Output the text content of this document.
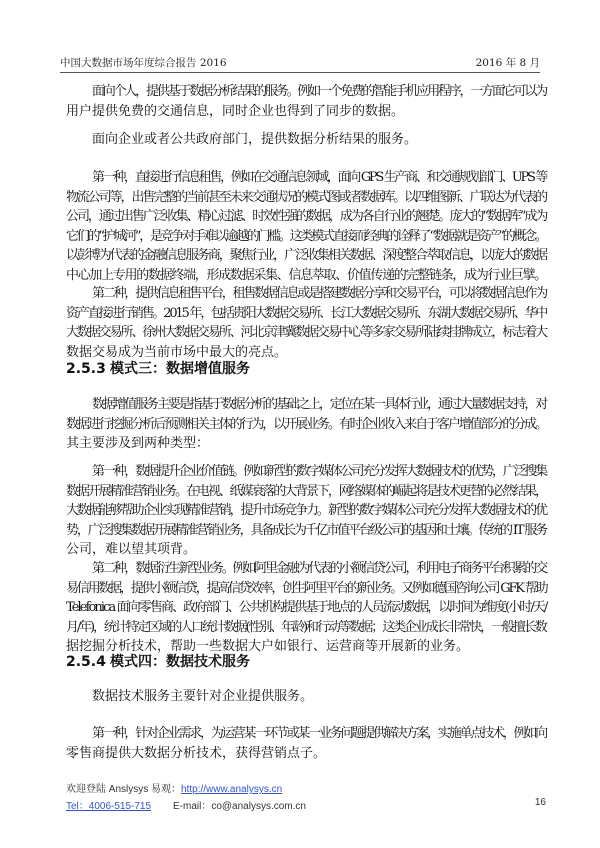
中国大数据市场年度综合报告 2016	2016 年 8 月
面向个人，提供基于数据分析结果的服务。例如一个免费的智能手机应用程序，一方面它可以为
用户提供免费的交通信息，同时企业也得到了同步的数据。
面向企业或者公共政府部门，提供数据分析结果的服务。
第一种，直接进行信息租售，例如在交通信息领域，面向 GPS 生产商、和交通规划部门、UPS 等
物流公司等，出售完整的当前甚至未来交通状况的模式图或者数据库。以四维图新、广联达为代表的
公司，通过出售广泛收集、精心过滤、时效性强的数据，成为各自行业的翘楚。庞大的“数据库”成为
它们的“护城河”，是竞争对手难以逾越的门槛。这类模式直接而经典的诠释了“数据就是资产”的概念。
以彭博为代表的金融信息服务商，聚焦行业，广泛收集相关数据、深度整合萃取信息，以庞大的数据
中心加上专用的数据终端，形成数据采集、信息萃取、价值传递的完整链条，成为行业巨擘。
第二种，提供信息租售平台，租售数据信息或是搭建数据分享和交易平台，可以将数据信息作为
资产直接进行销售。2015 年，包括贵阳大数据交易所、长江大数据交易所、东湖大数据交易所、华中
大数据交易所、徐州大数据交易所、河北京津冀数据交易中心等多家交易所陆续挂牌成立，标志着大
数据交易成为当前市场中最大的亮点。
2.5.3 模式三：数据增值服务
数据增值服务主要是指基于数据分析的基础之上，定位在某一具体行业，通过大量数据支持，对
数据进行挖掘分析后预测相关主体的行为，以开展业务。有时企业收入来自于客户增值部分的分成。
其主要涉及到两种类型：
第一种，数据提升企业价值链。例如新型的数字媒体公司充分发挥大数据技术的优势，广泛搜集
数据开展精准营销业务。在电视、纸媒衰落的大背景下，网络媒体的崛起将是技术更替的必然结果，
大数据能够帮助企业实现精准营销，提升市场竞争力。新型的数字媒体公司充分发挥大数据技术的优
势，广泛搜集数据开展精准营销业务，具备成长为千亿市值平台级公司的基因和土壤。传统的 IT 服务
公司，难以望其项背。
第二种，数据衍生新型业务。例如阿里金融为代表的小额信贷公司，利用电子商务平台积累的交
易信用数据，提供小额信贷，提高信贷效率，创生阿里平台的新业务。又例如德国咨询公司 GFK 帮助
Telefonica 面向零售商、政府部门、公共机构提供基于地点的人员流动数据，以时间为维度(小时/天/
月/年)，统计特定区域的人口统计数据(性别、年龄)和行动等数据；这类企业成长非常快，一般擅长数
据挖掘分析技术，帮助一些数据大户如银行、运营商等开展新的业务。
2.5.4 模式四：数据技术服务
数据技术服务主要针对企业提供服务。
第一种，针对企业需求，为运营某一环节或某一业务问题提供解决方案，实施单点技术，例如向
零售商提供大数据分析技术，获得营销点子。
欢迎登陆 Anslysys 易观：http://www.analysys.cn
Tel：4006-515-715 E-mail：co@analysys.com.cn	16
